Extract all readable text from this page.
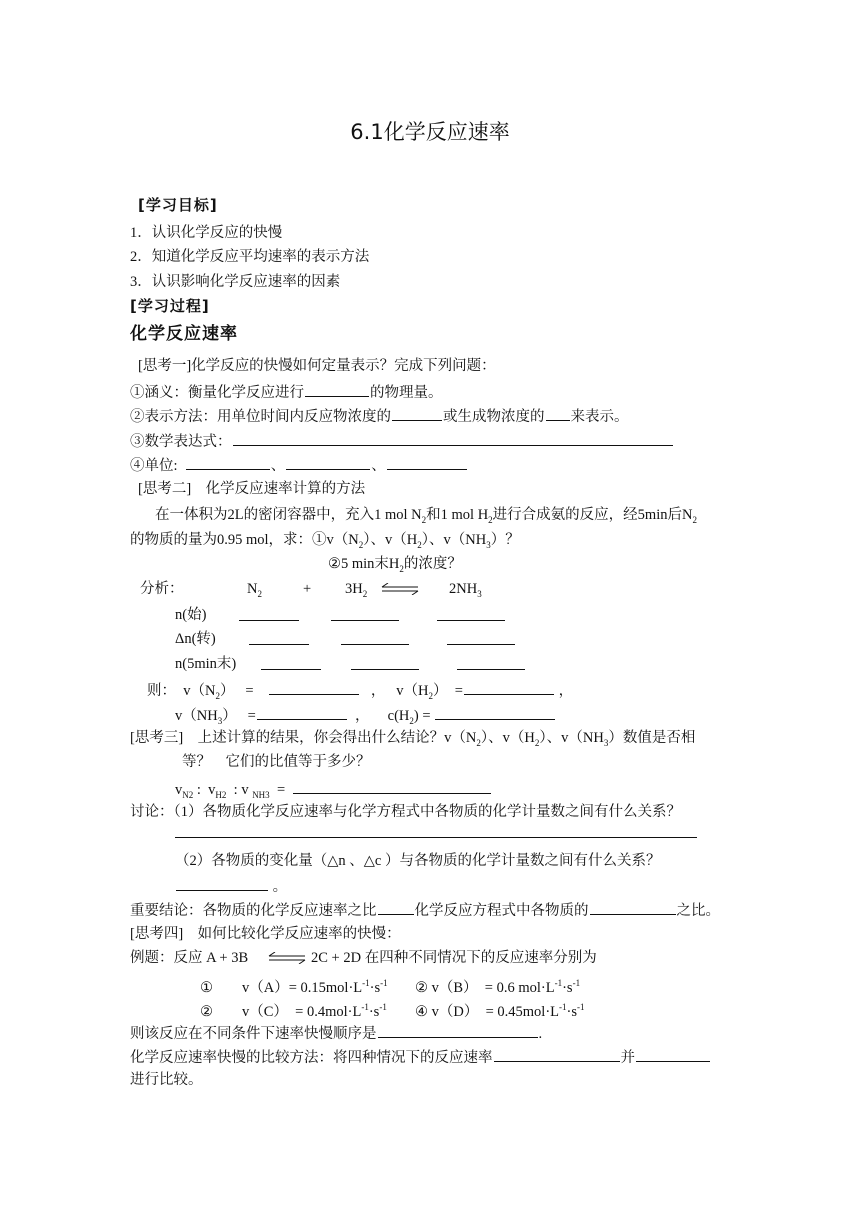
6.1化学反应速率
[学习目标]
1．认识化学反应的快慢
2．知道化学反应平均速率的表示方法
3．认识影响化学反应速率的因素
[学习过程]
化学反应速率
[思考一]化学反应的快慢如何定量表示？完成下列问题：
①涵义：衡量化学反应进行	的物理量。
②表示方法：用单位时间内反应物浓度的	或生成物浓度的 来表示。
③数学表达式：
④单位:	、	、
[思考二]　化学反应速率计算的方法
在一体积为2L的密闭容器中，充入1 mol $N_2$和1 mol $H_2$进行合成氨的反应，经5min后$N_2$
的物质的量为0.95 mol，求：$①v(N_2)$、$v(H_2)$、$v(NH_3)$？
②5 min末$H_2$的浓度？
分析：	$N_2$	+ $3H_2$ ⇌ $2NH_3$
n(始)
Δn(转)
n(5min末)
则： $v(N_2)$ =	， $v(H_2)$ =	，
$v(NH_3)$ =	， $c(H_2)$ =
[思考三]　上述计算的结果，你会得出什么结论？$v(N_2)$、$v(H_2)$、$v(NH_3)$数值是否相
等？　它们的比值等于多少？
$v_{N2}$ :  $v_{H2}$  : v $_{NH3}$ =
讨论：（1）各物质化学反应速率与化学方程式中各物质的化学计量数之间有什么关系？
（2）各物质的变化量（△n 、△c ）与各物质的化学计量数之间有什么关系？
。
重要结论：各物质的化学反应速率之比	化学反应方程式中各物质的	之比。
[思考四]　如何比较化学反应速率的快慢：
例题：反应 A + 3B ⇌ 2C + 2D 在四种不同情况下的反应速率分别为
①　　$v(A)= 0.15mol\cdot L^{-1}\cdot s^{-1}$ ② v（B）　= 0.6 $mol\cdot L^{-1}\cdot s^{-1}$
②　　v（C）　= $0.4mol\cdot L^{-1}\cdot s^{-1}$ ④ v（D）　= $0.45mol\cdot L^{-1}\cdot s^{-1}$
则该反应在不同条件下速率快慢顺序是	.
化学反应速率快慢的比较方法：将四种情况下的反应速率	并
进行比较。
